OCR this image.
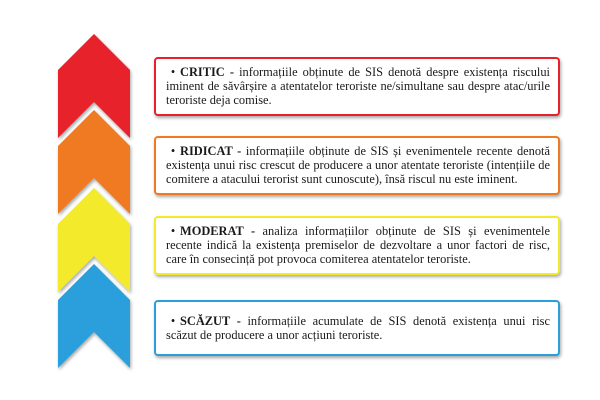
• CRITIC - informațiile obținute de SIS denotă despre existența riscului iminent de săvârșire a atentatelor teroriste ne/simultane sau despre atac/urile teroriste deja comise.
• RIDICAT - informațiile obținute de SIS și evenimentele recente denotă existența unui risc crescut de producere a unor atentate teroriste (intențiile de comitere a atacului terorist sunt cunoscute), însă riscul nu este iminent.
• MODERAT - analiza informațiilor obținute de SIS și evenimentele recente indică la existența premiselor de dezvoltare a unor factori de risc, care în consecință pot provoca comiterea atentatelor teroriste.
• SCĂZUT - informațiile acumulate de SIS denotă existența unui risc scăzut de producere a unor acțiuni teroriste.
